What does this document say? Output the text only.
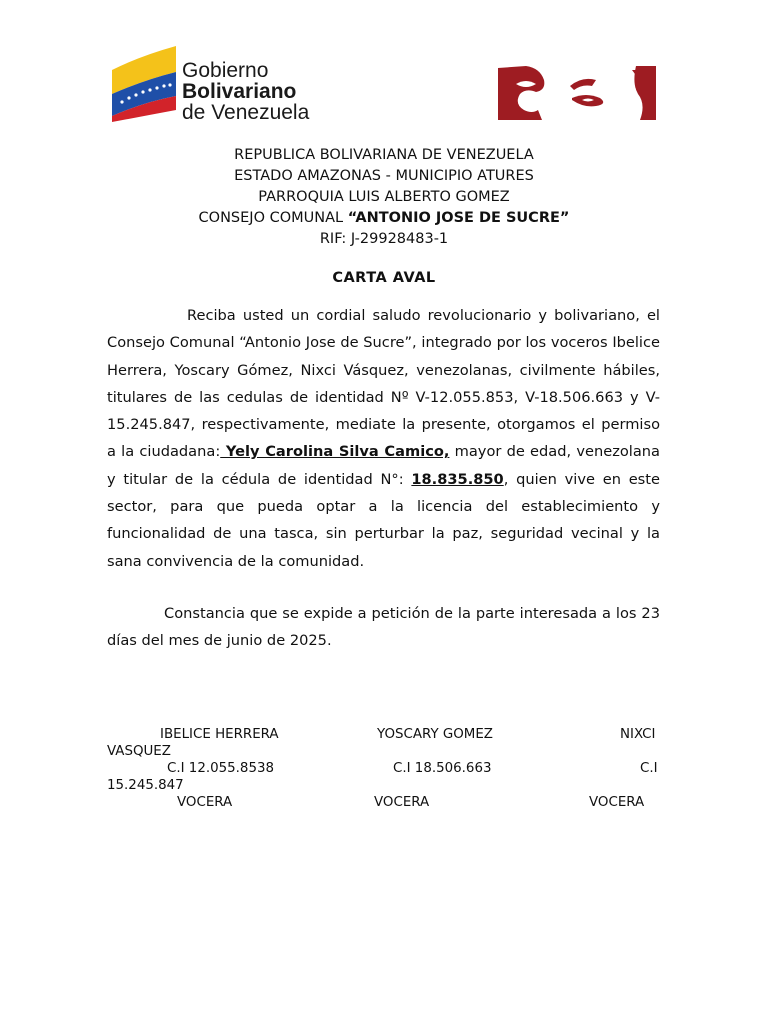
Gobierno
Bolivariano
de Venezuela
REPUBLICA BOLIVARIANA DE VENEZUELA
ESTADO AMAZONAS - MUNICIPIO ATURES
PARROQUIA LUIS ALBERTO GOMEZ
CONSEJO COMUNAL “ANTONIO JOSE DE SUCRE”
RIF: J-29928483-1
CARTA AVAL
Reciba usted un cordial saludo revolucionario y bolivariano, el Consejo Comunal “Antonio Jose de Sucre”, integrado por los voceros Ibelice Herrera, Yoscary Gómez, Nixci Vásquez, venezolanas, civilmente hábiles, titulares de las cedulas de identidad Nº V-12.055.853, V-18.506.663 y V-15.245.847, respectivamente, mediate la presente, otorgamos el permiso a la ciudadana: Yely Carolina Silva Camico, mayor de edad, venezolana y titular de la cédula de identidad N°: 18.835.850, quien vive en este sector, para que pueda optar a la licencia del establecimiento y funcionalidad de una tasca, sin perturbar la paz, seguridad vecinal y la sana convivencia de la comunidad.
Constancia que se expide a petición de la parte interesada a los 23 días del mes de junio de 2025.
IBELICE HERRERA	YOSCARY GOMEZ	NIXCI
VASQUEZ
C.I 12.055.8538	C.I 18.506.663	C.I
15.245.847
VOCERA	VOCERA	VOCERA
